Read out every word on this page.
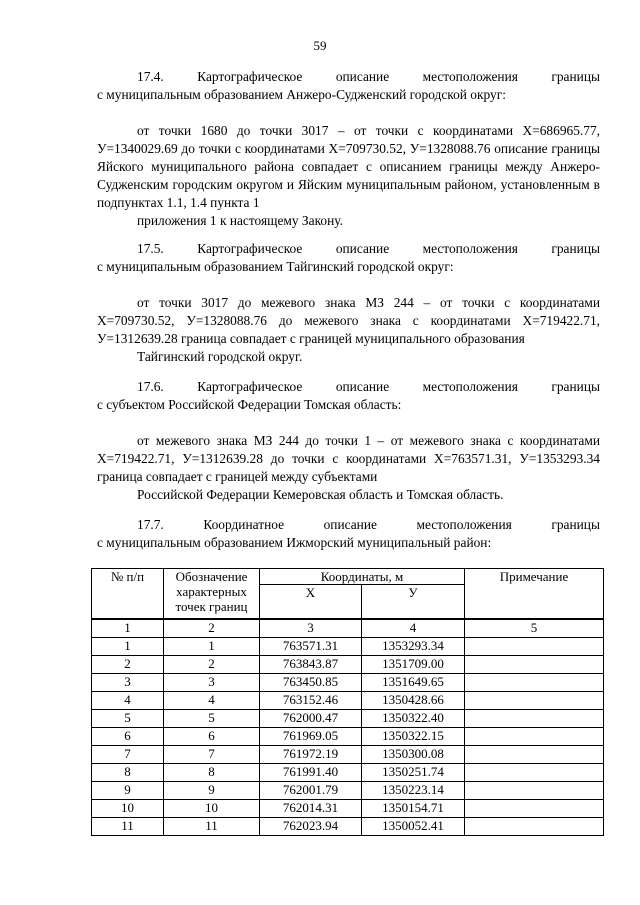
59
17.4. Картографическое описание местоположения границы
с муниципальным образованием Анжеро-Судженский городской округ:
от точки 1680 до точки 3017 – от точки с координатами Х=686965.77, У=1340029.69 до точки с координатами Х=709730.52, У=1328088.76 описание границы Яйского муниципального района совпадает с описанием границы между Анжеро-Судженским городским округом и Яйским муниципальным районом, установленным в подпунктах 1.1, 1.4 пункта 1
приложения 1 к настоящему Закону.
17.5. Картографическое описание местоположения границы
с муниципальным образованием Тайгинский городской округ:
от точки 3017 до межевого знака МЗ 244 – от точки с координатами Х=709730.52, У=1328088.76 до межевого знака с координатами Х=719422.71, У=1312639.28 граница совпадает с границей муниципального образования
Тайгинский городской округ.
17.6. Картографическое описание местоположения границы
с субъектом Российской Федерации Томская область:
от межевого знака МЗ 244 до точки 1 – от межевого знака с координатами Х=719422.71, У=1312639.28 до точки с координатами Х=763571.31, У=1353293.34 граница совпадает с границей между субъектами
Российской Федерации Кемеровская область и Томская область.
17.7.	Координатное	описание	местоположения	границы
с муниципальным образованием Ижморский муниципальный район:
№ п/п	Обозначение характерных точек границ	Координаты, м		Примечание
		Х	У	
1	2	3	4	5
1	1	763571.31	1353293.34	
2	2	763843.87	1351709.00	
3	3	763450.85	1351649.65	
4	4	763152.46	1350428.66	
5	5	762000.47	1350322.40	
6	6	761969.05	1350322.15	
7	7	761972.19	1350300.08	
8	8	761991.40	1350251.74	
9	9	762001.79	1350223.14	
10	10	762014.31	1350154.71	
11	11	762023.94	1350052.41	
